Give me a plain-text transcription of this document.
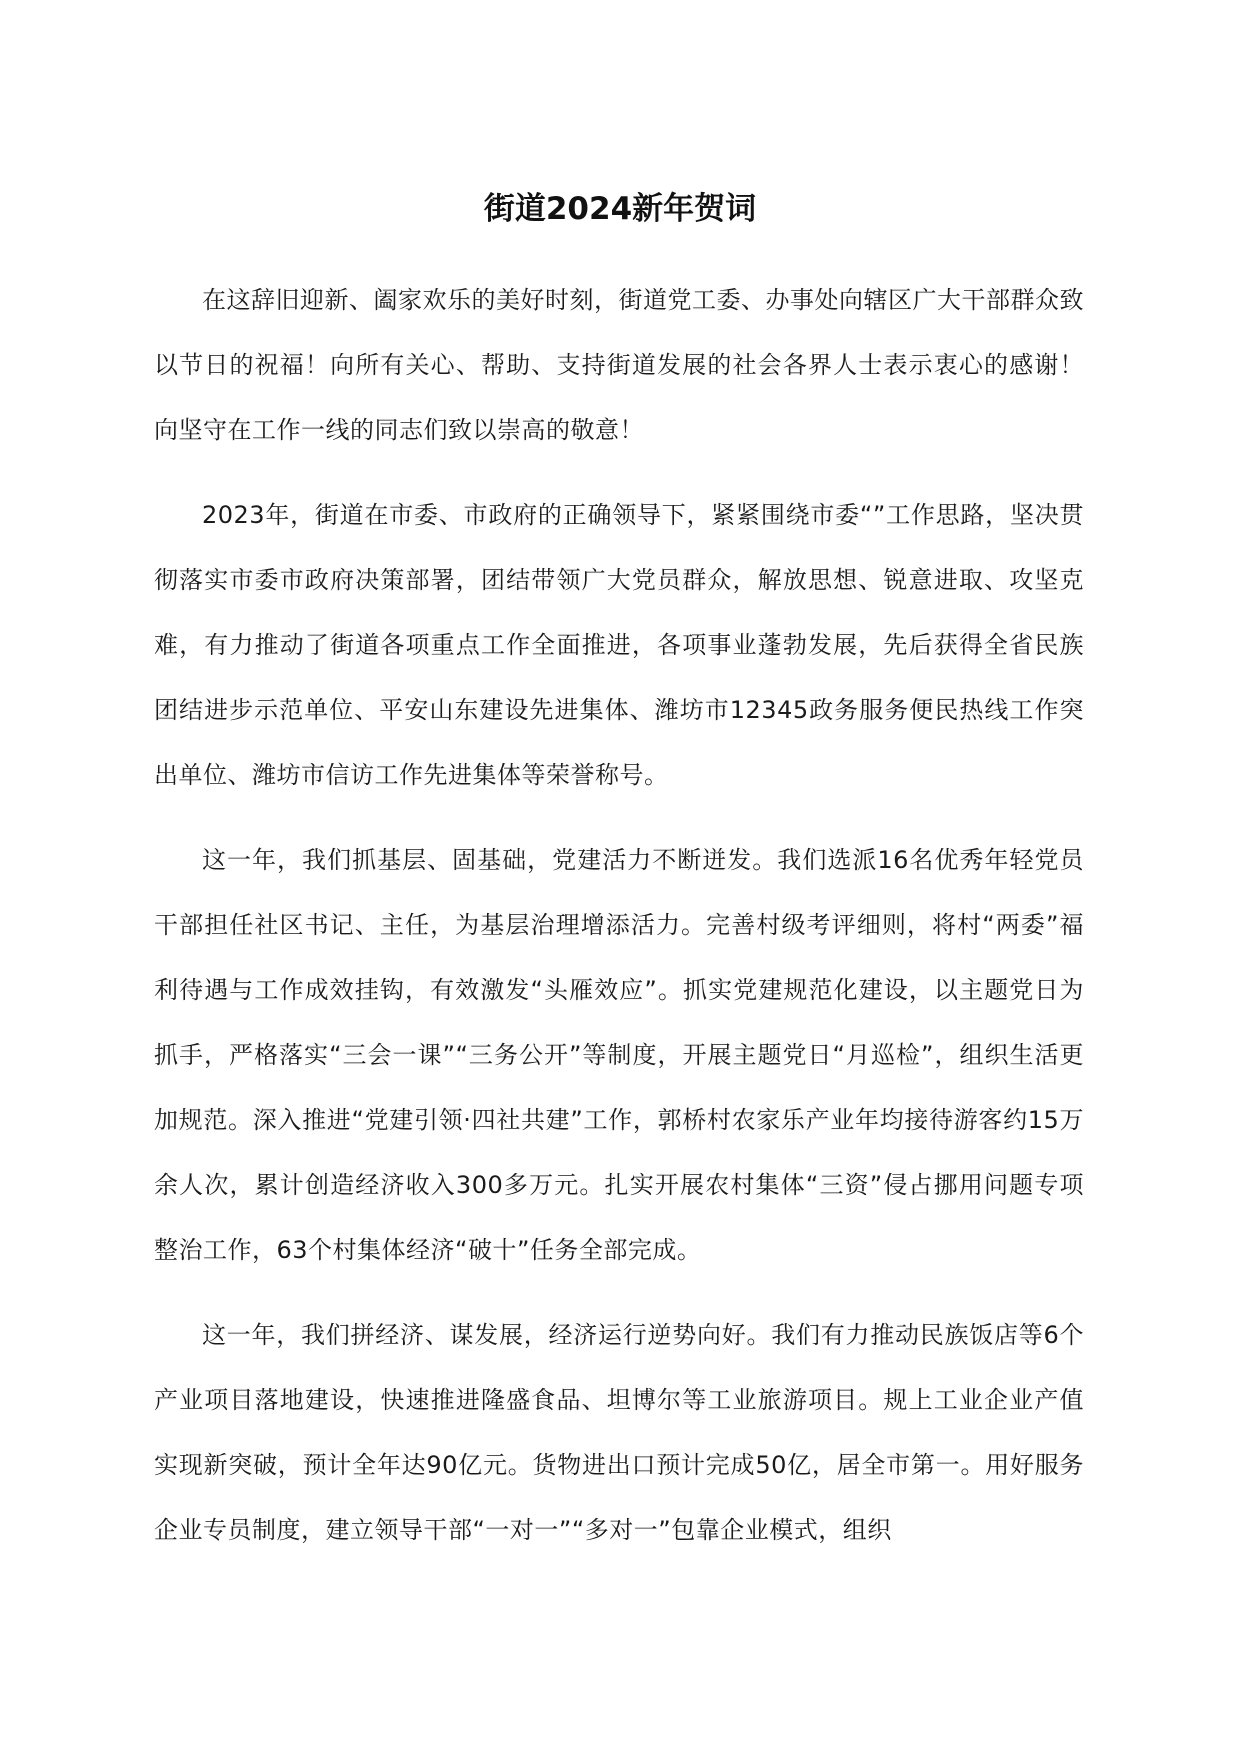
街道2024新年贺词

在这辞旧迎新、阖家欢乐的美好时刻，街道党工委、办事处向辖区广大干部群众致以节日的祝福！向所有关心、帮助、支持街道发展的社会各界人士表示衷心的感谢！向坚守在工作一线的同志们致以崇高的敬意！

2023年，街道在市委、市政府的正确领导下，紧紧围绕市委“”工作思路，坚决贯彻落实市委市政府决策部署，团结带领广大党员群众，解放思想、锐意进取、攻坚克难，有力推动了街道各项重点工作全面推进，各项事业蓬勃发展，先后获得全省民族团结进步示范单位、平安山东建设先进集体、潍坊市12345政务服务便民热线工作突出单位、潍坊市信访工作先进集体等荣誉称号。

这一年，我们抓基层、固基础，党建活力不断迸发。我们选派16名优秀年轻党员干部担任社区书记、主任，为基层治理增添活力。完善村级考评细则，将村“两委”福利待遇与工作成效挂钩，有效激发“头雁效应”。抓实党建规范化建设，以主题党日为抓手，严格落实“三会一课”“三务公开”等制度，开展主题党日“月巡检”，组织生活更加规范。深入推进“党建引领·四社共建”工作，郭桥村农家乐产业年均接待游客约15万余人次，累计创造经济收入300多万元。扎实开展农村集体“三资”侵占挪用问题专项整治工作，63个村集体经济“破十”任务全部完成。

这一年，我们拼经济、谋发展，经济运行逆势向好。我们有力推动民族饭店等6个产业项目落地建设，快速推进隆盛食品、坦博尔等工业旅游项目。规上工业企业产值实现新突破，预计全年达90亿元。货物进出口预计完成50亿，居全市第一。用好服务企业专员制度，建立领导干部“一对一”“多对一”包靠企业模式，组织
